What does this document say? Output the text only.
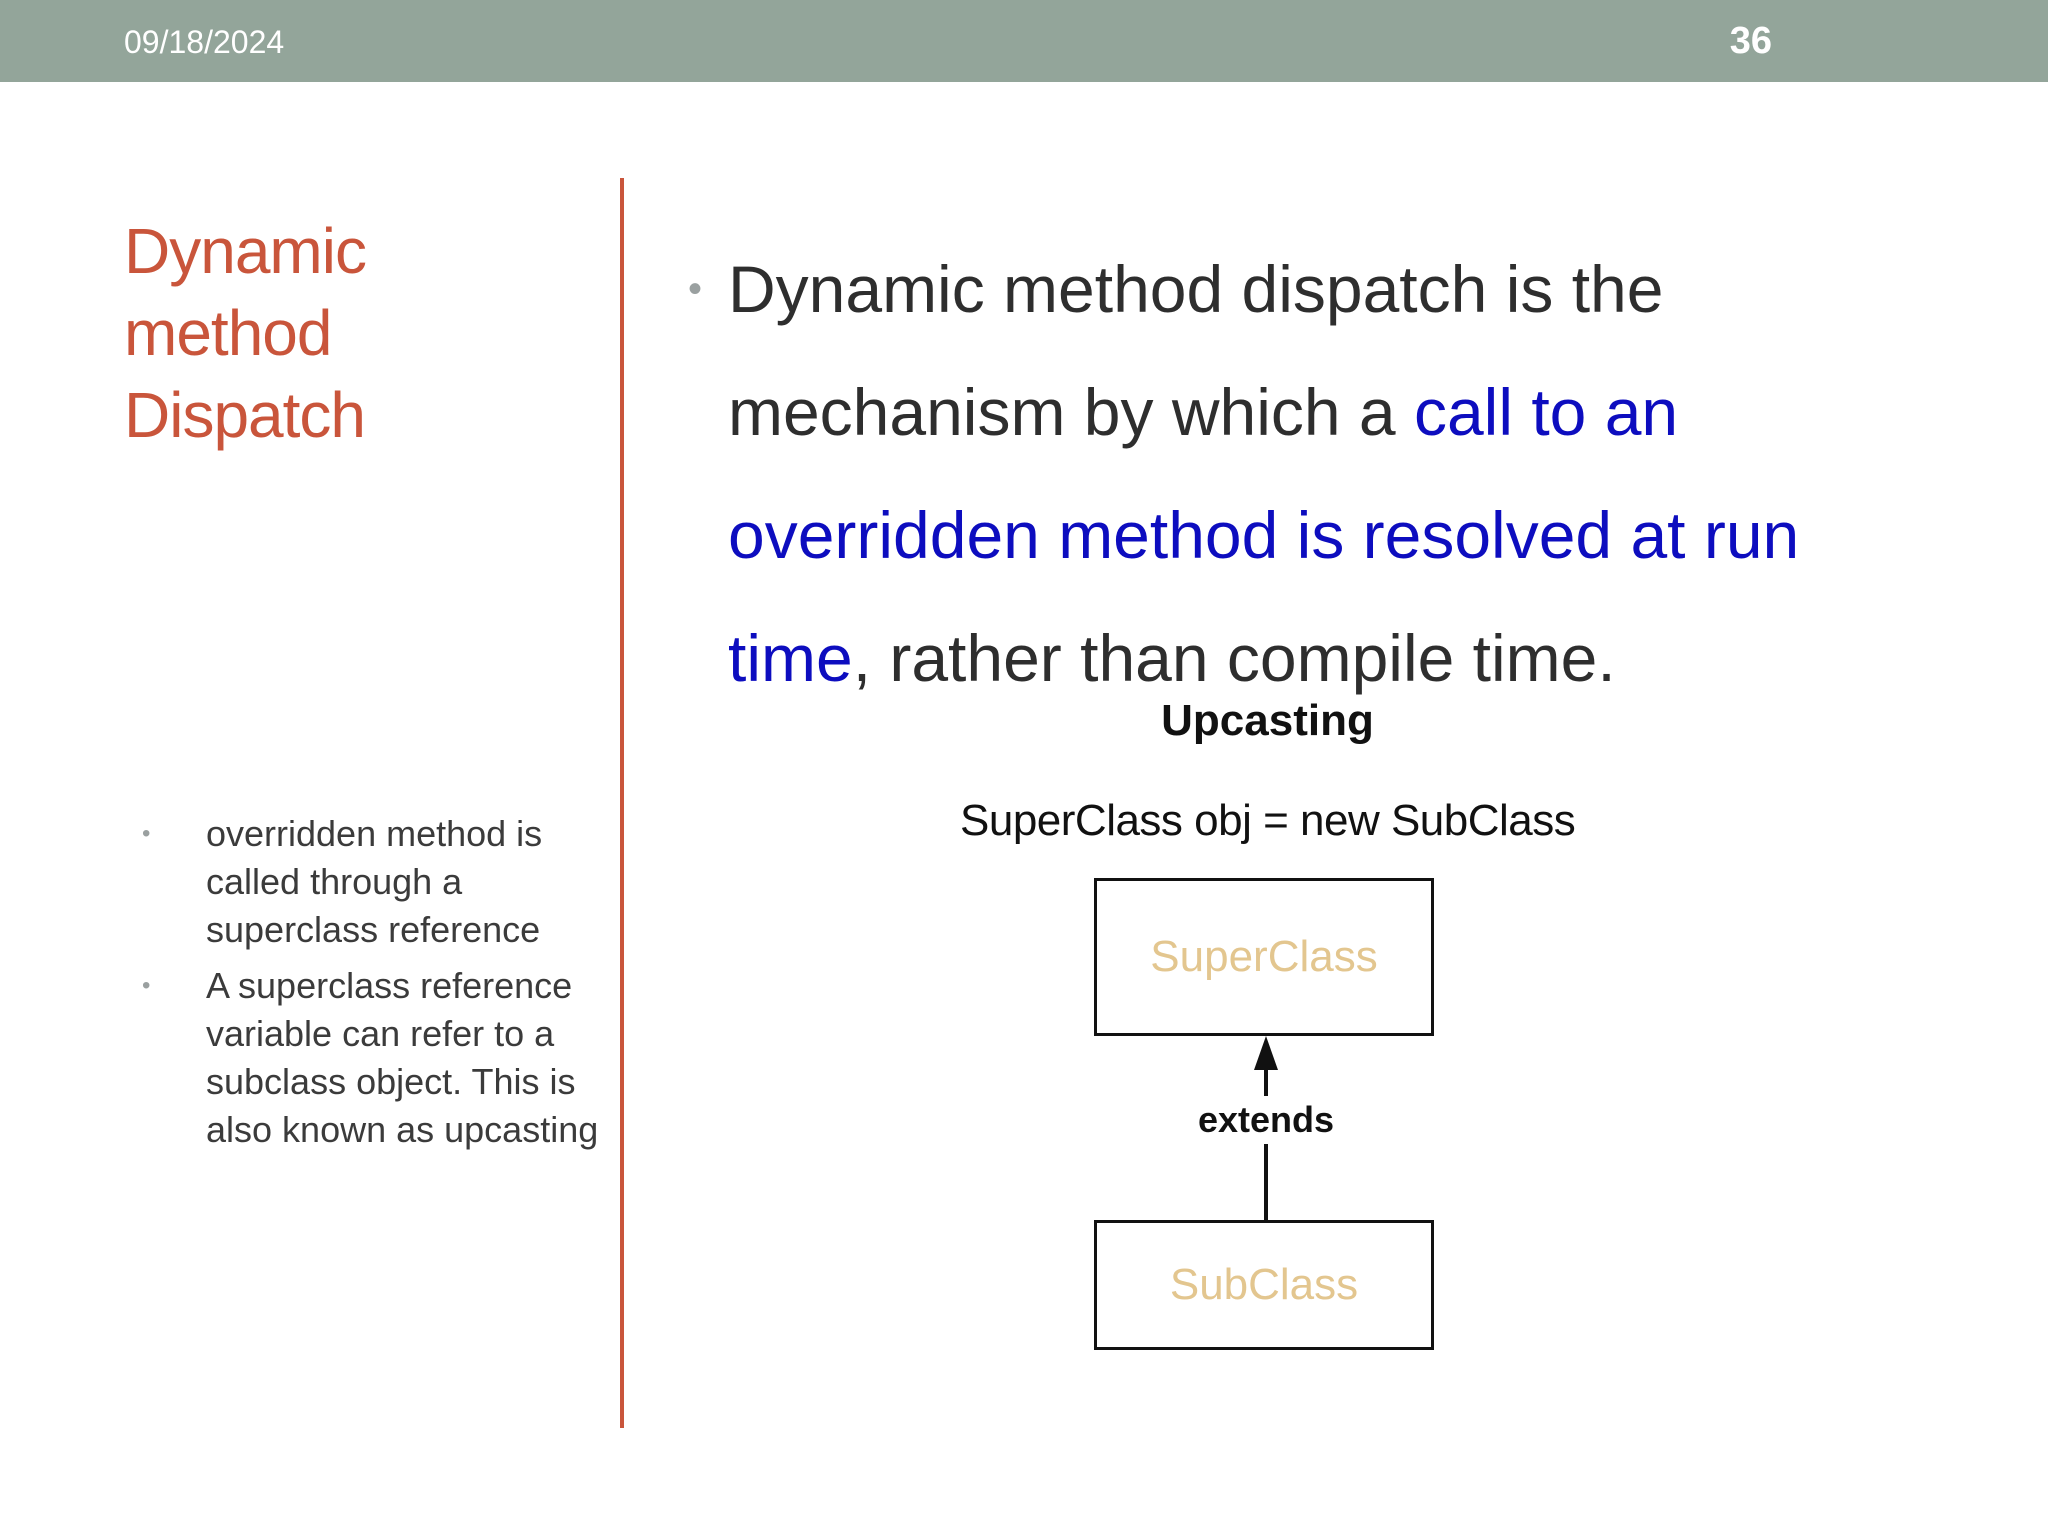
09/18/2024	36
Dynamic
method
Dispatch
• overridden method is called through a superclass reference
• A superclass reference variable can refer to a subclass object. This is also known as upcasting
• Dynamic method dispatch is the mechanism by which a call to an overridden method is resolved at run time, rather than compile time.
Upcasting
SuperClass obj = new SubClass
SuperClass
extends
SubClass
